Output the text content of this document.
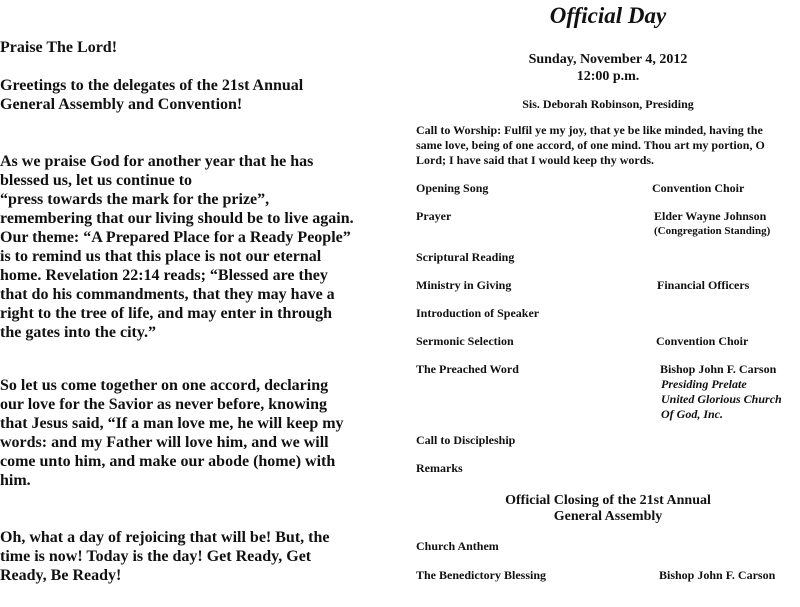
Praise The Lord!

Greetings to the delegates of the 21st Annual
General Assembly and Convention!

As we praise God for another year that he has
blessed us, let us continue to
“press towards the mark for the prize”,
remembering that our living should be to live again.
Our theme: “A Prepared Place for a Ready People”
is to remind us that this place is not our eternal
home. Revelation 22:14 reads; “Blessed are they
that do his commandments, that they may have a
right to the tree of life, and may enter in through
the gates into the city.”

So let us come together on one accord, declaring
our love for the Savior as never before, knowing
that Jesus said, “If a man love me, he will keep my
words: and my Father will love him, and we will
come unto him, and make our abode (home) with
him.

Oh, what a day of rejoicing that will be! But, the
time is now! Today is the day! Get Ready, Get
Ready, Be Ready!

Official Day
Sunday, November 4, 2012
12:00 p.m.
Sis. Deborah Robinson, Presiding
Call to Worship: Fulfil ye my joy, that ye be like minded, having the
same love, being of one accord, of one mind. Thou art my portion, O
Lord; I have said that I would keep thy words.
Opening Song	Convention Choir
Prayer	Elder Wayne Johnson
(Congregation Standing)
Scriptural Reading
Ministry in Giving	Financial Officers
Introduction of Speaker
Sermonic Selection	Convention Choir
The Preached Word	Bishop John F. Carson
Presiding Prelate
United Glorious Church
Of God, Inc.
Call to Discipleship
Remarks
Official Closing of the 21st Annual
General Assembly
Church Anthem
The Benedictory Blessing	Bishop John F. Carson
